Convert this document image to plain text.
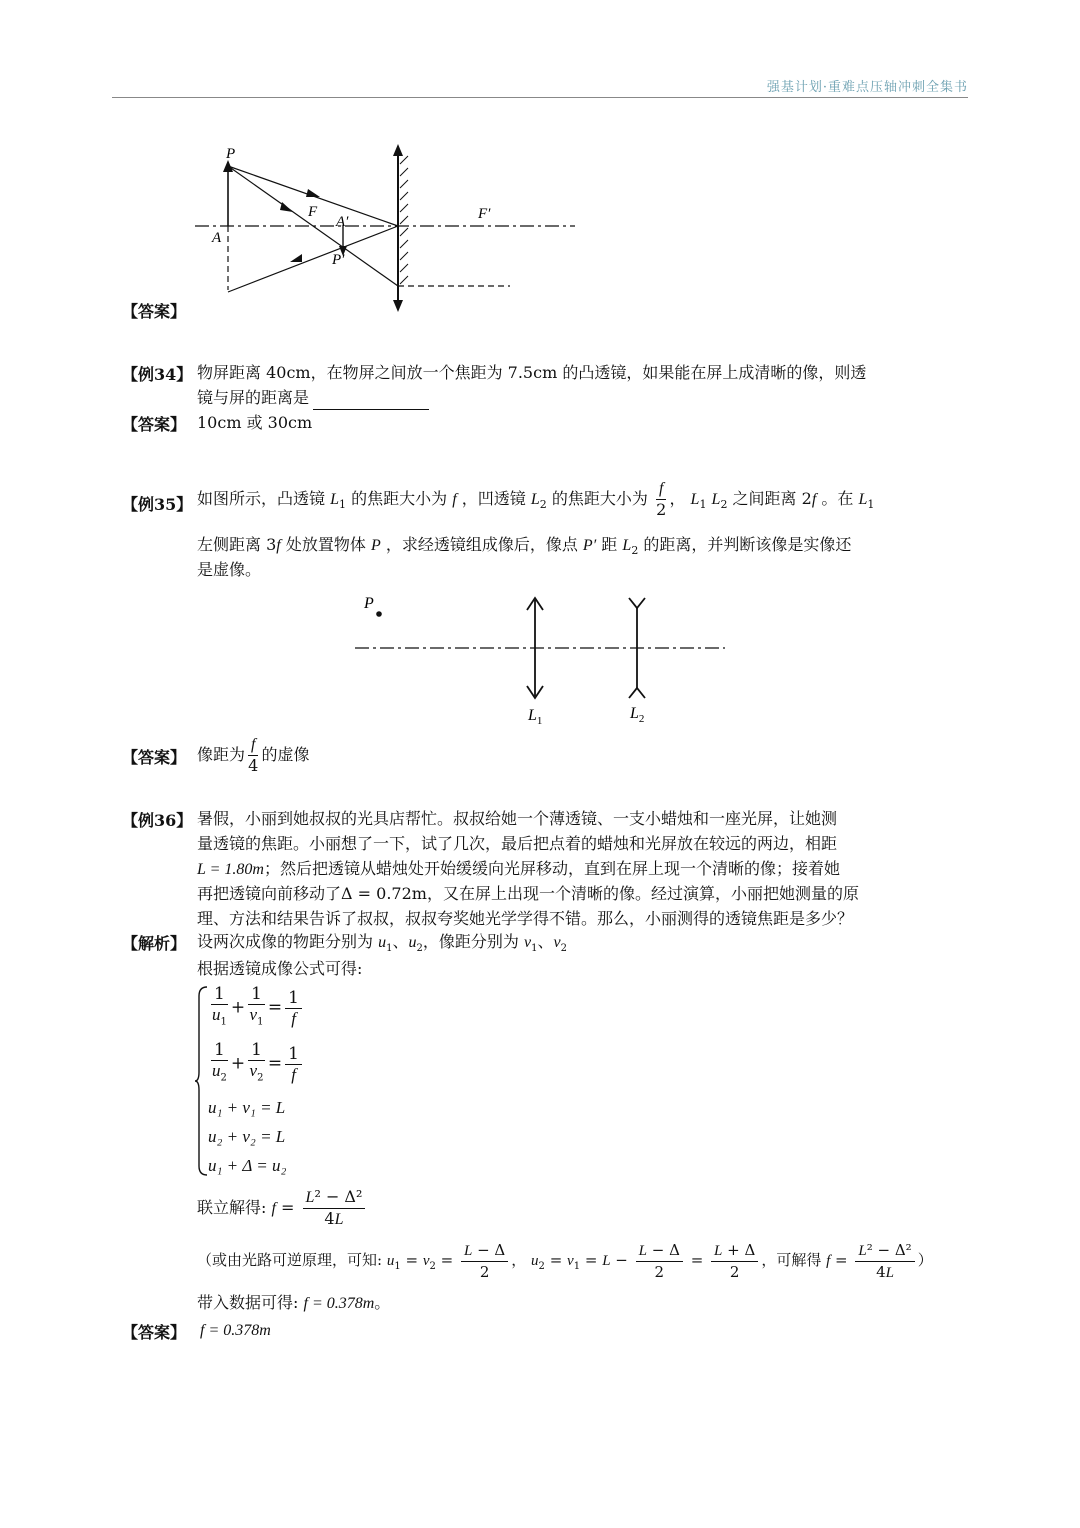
强基计划·重难点压轴冲刺全集书
P
A
F
A′
P′
F′
【答案】
【例34】 物屏距离 40cm，在物屏之间放一个焦距为 7.5cm 的凸透镜，如果能在屏上成清晰的像，则透
镜与屏的距离是
【答案】 10cm 或 30cm
【例35】 如图所示，凸透镜 $L_1$ 的焦距大小为 f ，凹透镜 $L_2$ 的焦距大小为 $\frac{f}{2}$ ， $L_1$ $L_2$ 之间距离 2f 。在 $L_1$
左侧距离 3f 处放置物体 P ，求经透镜组成像后，像点 P′ 距 $L_2$ 的距离，并判断该像是实像还
是虚像。
P
$L_1$	$L_2$
【答案】 像距为 $\frac{f}{4}$ 的虚像
【例36】 暑假，小丽到她叔叔的光具店帮忙。叔叔给她一个薄透镜、一支小蜡烛和一座光屏，让她测
量透镜的焦距。小丽想了一下，试了几次，最后把点着的蜡烛和光屏放在较远的两边，相距
L = 1.80m；然后把透镜从蜡烛处开始缓缓向光屏移动，直到在屏上现一个清晰的像；接着她
再把透镜向前移动了Δ = 0.72m，又在屏上出现一个清晰的像。经过演算，小丽把她测量的原
理、方法和结果告诉了叔叔，叔叔夸奖她光学学得不错。那么，小丽测得的透镜焦距是多少？
【解析】 设两次成像的物距分别为 $u_1$、$u_2$，像距分别为 $v_1$、$v_2$
根据透镜成像公式可得:
$\frac{1}{u_1} + \frac{1}{v_1} = \frac{1}{f}$
$\frac{1}{u_2} + \frac{1}{v_2} = \frac{1}{f}$
u₁ + v₁ = L
u₂ + v₂ = L
u₁ + Δ = u₂
联立解得: $f = \frac{\text{L² − Δ²}}{4L}$
（或由光路可逆原理，可知: $u_1 = v_2 = \frac{L - \Delta}{2}$ ， $u_2 = v_1 = L - \frac{L - \Delta}{2} = \frac{L + \Delta}{2}$ ，可解得 $f = \frac{\text{L² − Δ²}}{4L}$ ）
带入数据可得: f = 0.378m。
【答案】 f = 0.378m
